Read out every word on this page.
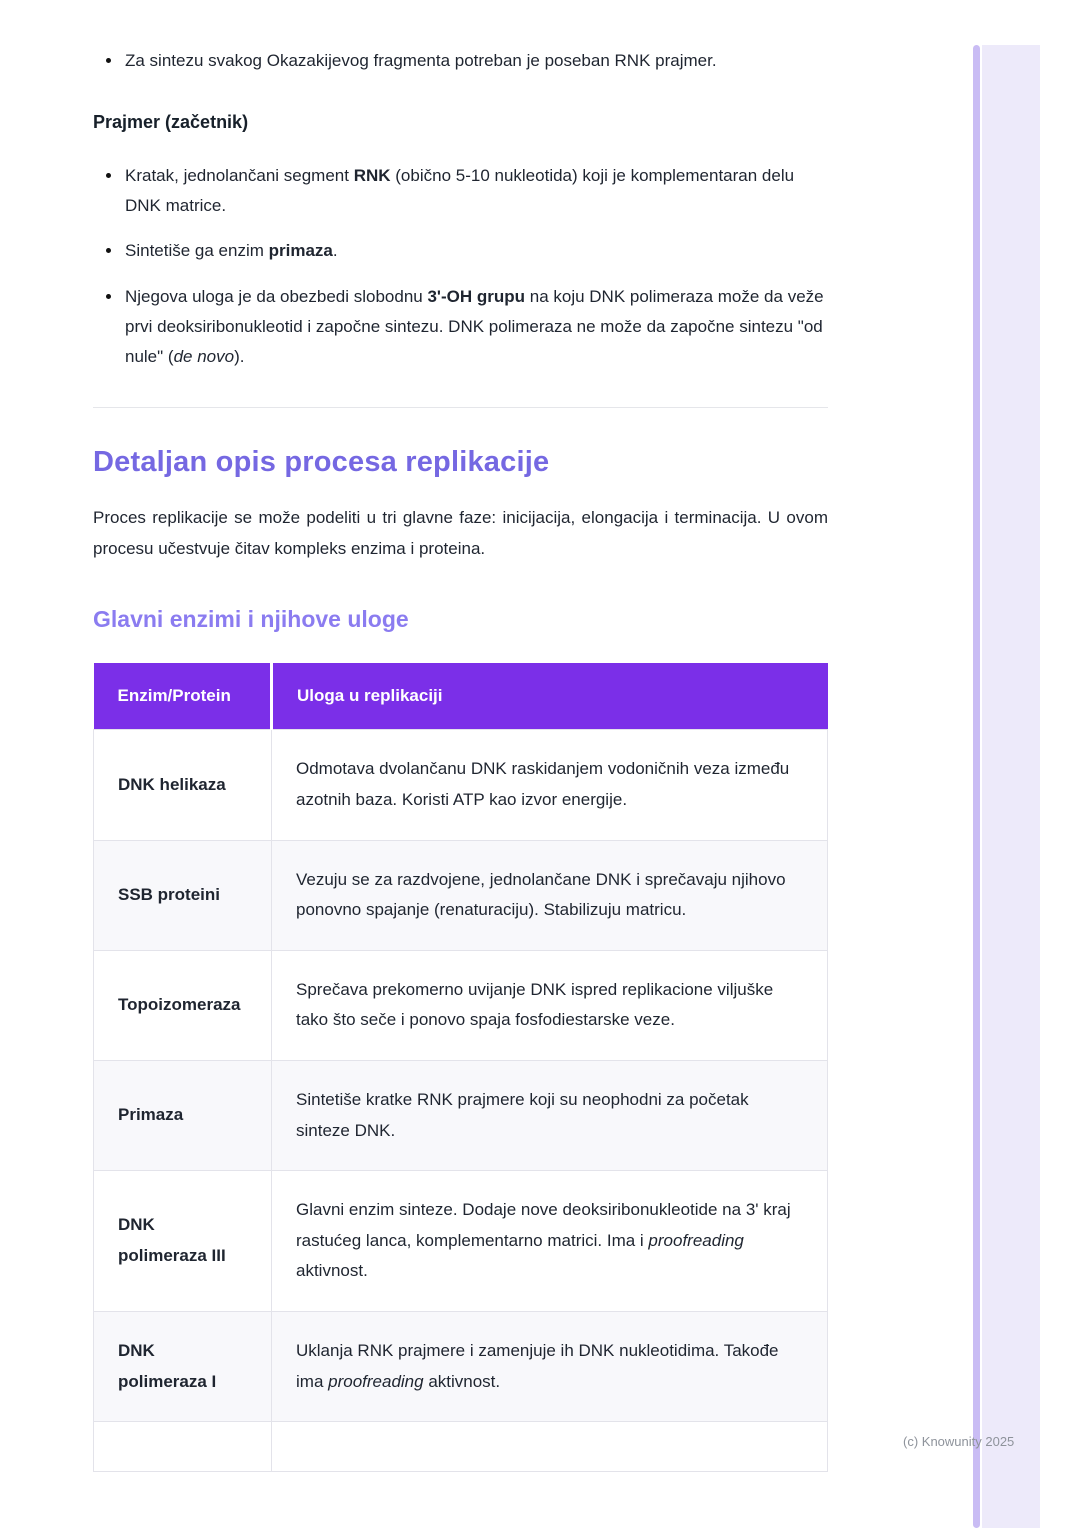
(c) Knowunity 2025
• Za sintezu svakog Okazakijevog fragmenta potreban je poseban RNK prajmer.
Prajmer (začetnik)
• Kratak, jednolančani segment RNK (obično 5-10 nukleotida) koji je komplementaran delu DNK matrice.
• Sintetiše ga enzim primaza.
• Njegova uloga je da obezbedi slobodnu 3'-OH grupu na koju DNK polimeraza može da veže prvi deoksiribonukleotid i započne sintezu. DNK polimeraza ne može da započne sintezu "od nule" (de novo).
Detaljan opis procesa replikacije

Proces replikacije se može podeliti u tri glavne faze: inicijacija, elongacija i terminacija. U ovom procesu učestvuje čitav kompleks enzima i proteina.

Glavni enzimi i njihove uloge
Enzim/Protein	Uloga u replikaciji
DNK helikaza	Odmotava dvolančanu DNK raskidanjem vodoničnih veza između azotnih baza. Koristi ATP kao izvor energije.
SSB proteini	Vezuju se za razdvojene, jednolančane DNK i sprečavaju njihovo ponovno spajanje (renaturaciju). Stabilizuju matricu.
Topoizomeraza	Sprečava prekomerno uvijanje DNK ispred replikacione viljuške tako što seče i ponovo spaja fosfodiestarske veze.
Primaza	Sintetiše kratke RNK prajmere koji su neophodni za početak sinteze DNK.
DNK polimeraza III	Glavni enzim sinteze. Dodaje nove deoksiribonukleotide na 3' kraj rastućeg lanca, komplementarno matrici. Ima i proofreading aktivnost.
DNK polimeraza I	Uklanja RNK prajmere i zamenjuje ih DNK nukleotidima. Takođe ima proofreading aktivnost.
